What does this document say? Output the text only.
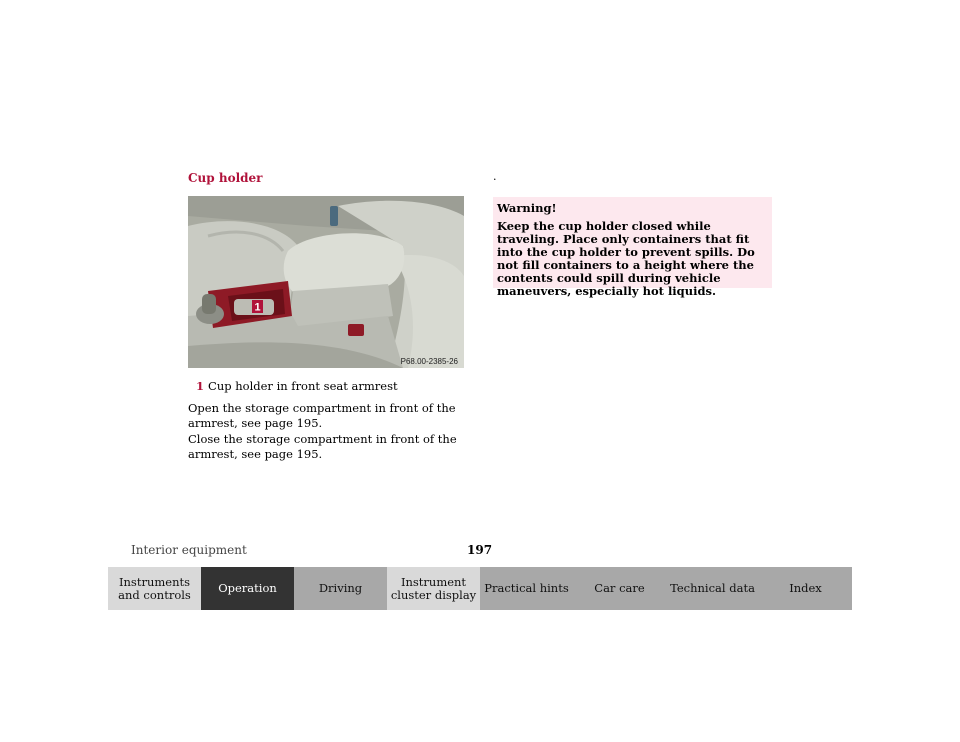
Cup holder
1
P68.00-2385-26
1 Cup holder in front seat armrest
Open the storage compartment in front of the armrest, see page 195.
Close the storage compartment in front of the armrest, see page 195.
.
Warning!
Keep the cup holder closed while traveling. Place only containers that fit into the cup holder to prevent spills. Do not fill containers to a height where the contents could spill during vehicle maneuvers, especially hot liquids.
Interior equipment	197
Instruments and controls	Operation	Driving	Instrument cluster display Practical hints	Car care	Technical data	Index
